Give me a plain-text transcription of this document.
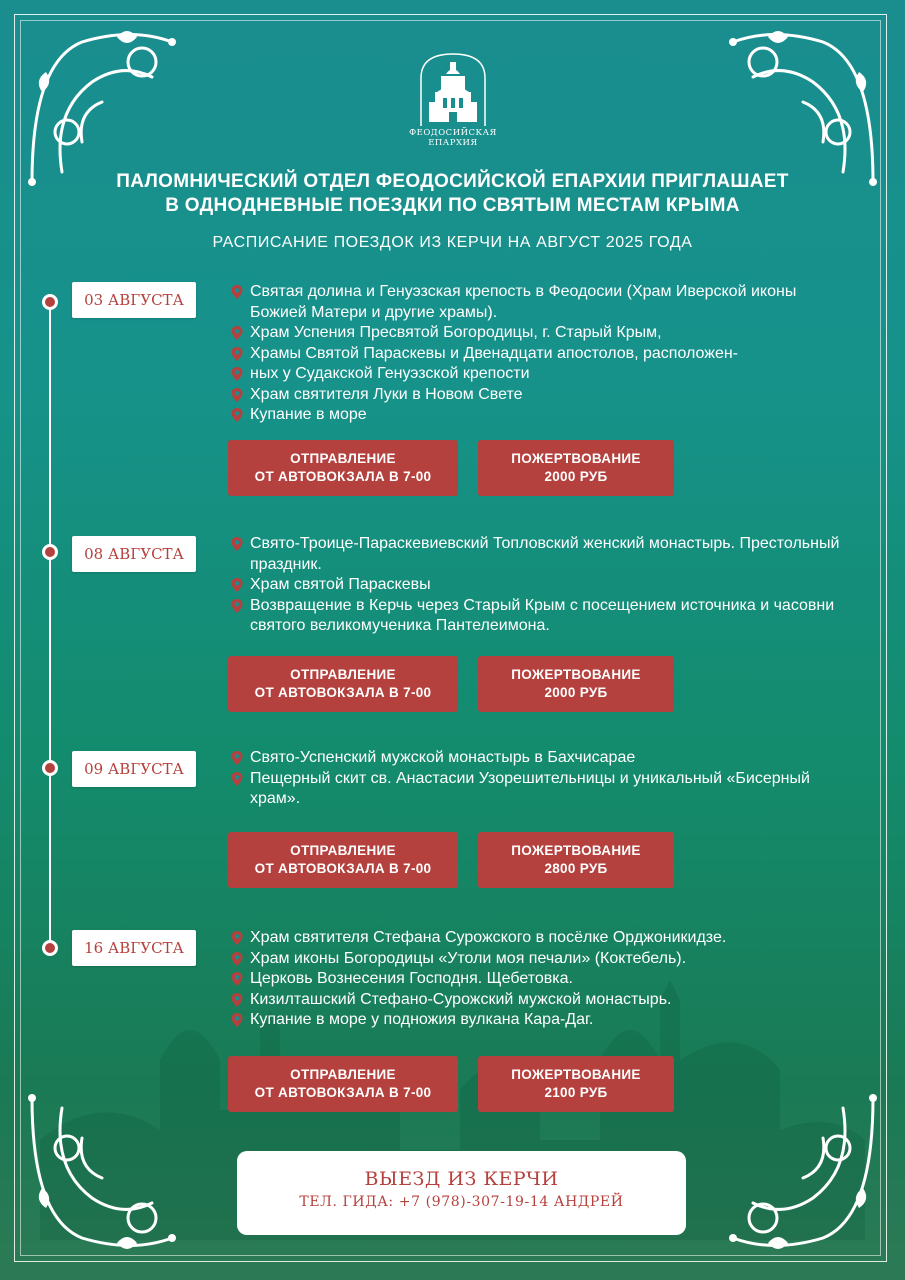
ФЕОДОСИЙСКАЯ
ЕПАРХИЯ
ПАЛОМНИЧЕСКИЙ ОТДЕЛ ФЕОДОСИЙСКОЙ ЕПАРХИИ ПРИГЛАШАЕТ
В ОДНОДНЕВНЫЕ ПОЕЗДКИ ПО СВЯТЫМ МЕСТАМ КРЫМА
РАСПИСАНИЕ ПОЕЗДОК ИЗ КЕРЧИ НА АВГУСТ 2025 ГОДА
03 АВГУСТА	Святая долина и Генуэзская крепость в Феодосии (Храм Иверской иконы Божией Матери и другие храмы).
Храм Успения Пресвятой Богородицы, г. Старый Крым,
Храмы Святой Параскевы и Двенадцати апостолов, расположен-
ных у Судакской Генуэзской крепости
Храм святителя Луки в Новом Свете
Купание в море
ОТПРАВЛЕНИЕ
ОТ АВТОВОКЗАЛА В 7-00
ПОЖЕРТВОВАНИЕ
2000 РУБ
08 АВГУСТА
Свято-Троице-Параскевиевский Топловский женский монастырь. Престольный праздник.
Храм святой Параскевы
Возвращение в Керчь через Старый Крым с посещением источника и часовни святого великомученика Пантелеимона.
ОТПРАВЛЕНИЕ
ОТ АВТОВОКЗАЛА В 7-00
ПОЖЕРТВОВАНИЕ
2000 РУБ
09 АВГУСТА
Свято-Успенский мужской монастырь в Бахчисарае
Пещерный скит св. Анастасии Узорешительницы и уникальный «Бисерный храм».
ОТПРАВЛЕНИЕ
ОТ АВТОВОКЗАЛА В 7-00
ПОЖЕРТВОВАНИЕ
2800 РУБ
16 АВГУСТА
Храм святителя Стефана Сурожского в посёлке Орджоникидзе.
Храм иконы Богородицы «Утоли моя печали» (Коктебель).
Церковь Вознесения Господня. Щебетовка.
Кизилташский Стефано-Сурожский мужской монастырь.
Купание в море у подножия вулкана Кара-Даг.
ОТПРАВЛЕНИЕ
ОТ АВТОВОКЗАЛА В 7-00
ПОЖЕРТВОВАНИЕ
2100 РУБ
ВЫЕЗД ИЗ КЕРЧИ
ТЕЛ. ГИДА: +7 (978)-307-19-14 АНДРЕЙ
